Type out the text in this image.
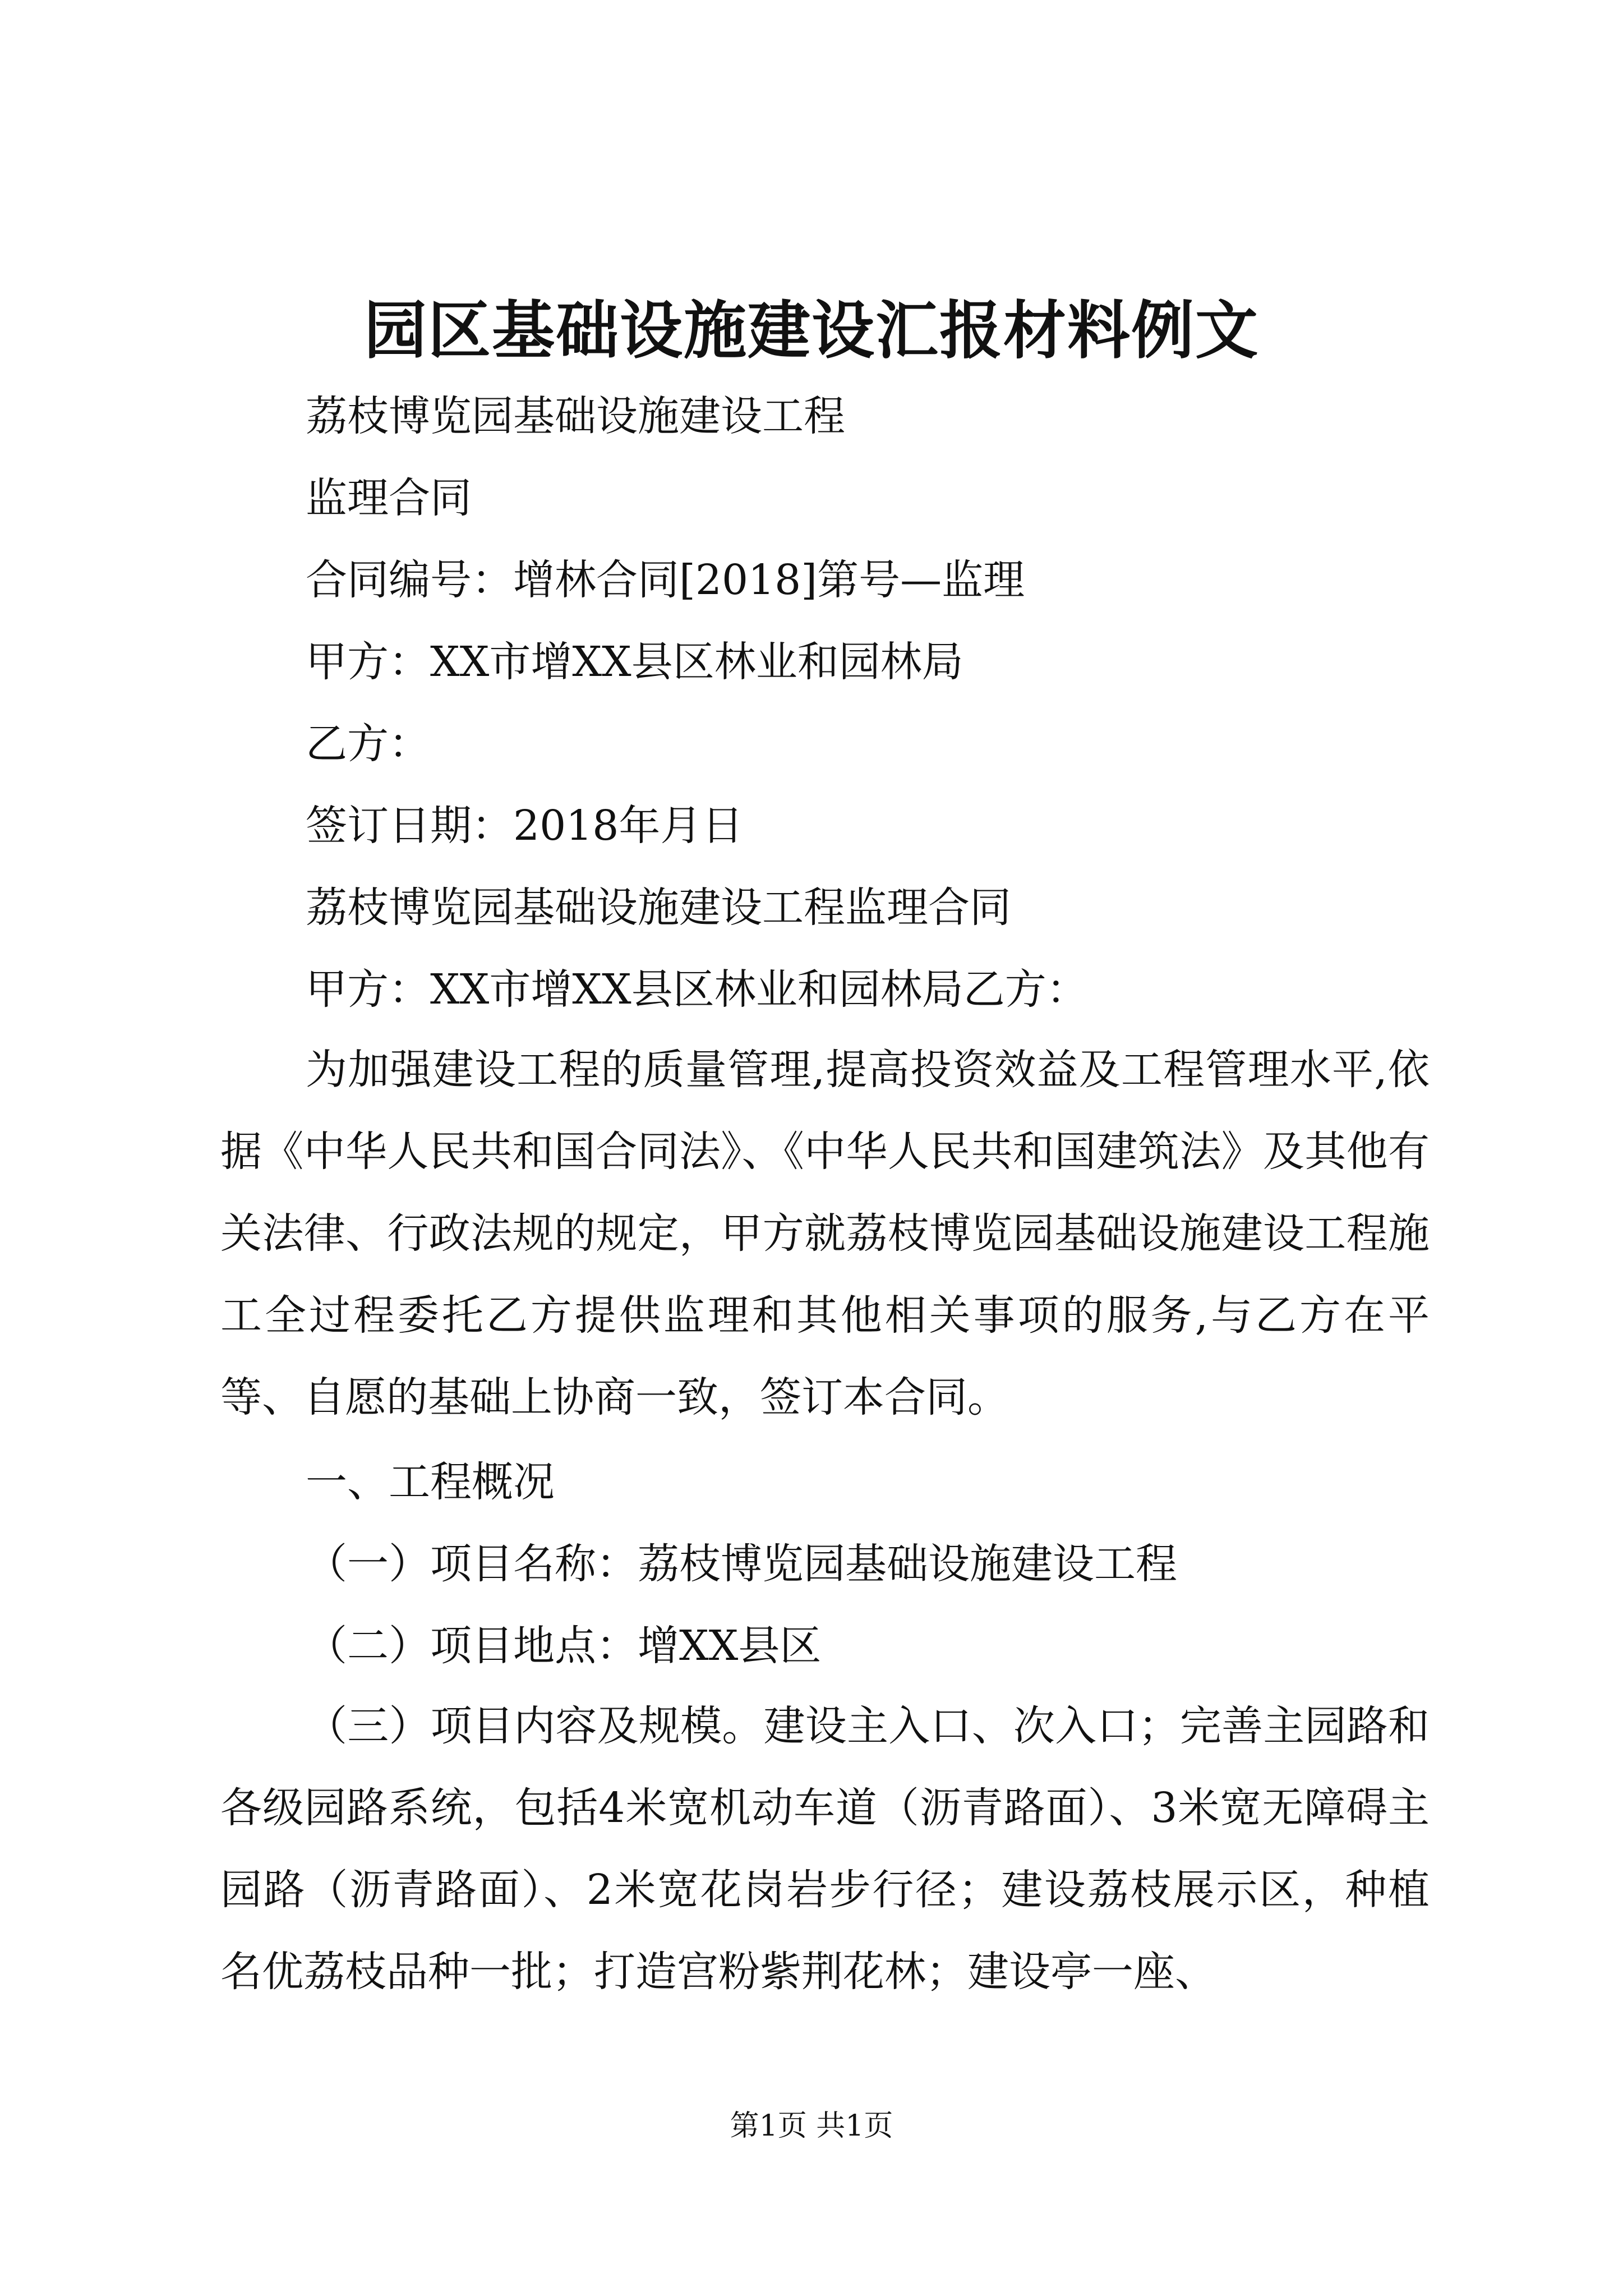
园区基础设施建设汇报材料例文
荔枝博览园基础设施建设工程
监理合同
合同编号：增林合同[2018]第号—监理
甲方：XX市增XX县区林业和园林局
乙方：
签订日期：2018年月日
荔枝博览园基础设施建设工程监理合同
甲方：XX市增XX县区林业和园林局乙方：
为加强建设工程的质量管理,提高投资效益及工程管理水平,依据《中华人民共和国合同法》、《中华人民共和国建筑法》及其他有关法律、行政法规的规定，甲方就荔枝博览园基础设施建设工程施工全过程委托乙方提供监理和其他相关事项的服务,与乙方在平等、自愿的基础上协商一致，签订本合同。
一、工程概况
（一）项目名称：荔枝博览园基础设施建设工程
（二）项目地点：增XX县区
（三）项目内容及规模。建设主入口、次入口；完善主园路和各级园路系统，包括4米宽机动车道（沥青路面）、3米宽无障碍主园路（沥青路面）、2米宽花岗岩步行径；建设荔枝展示区，种植名优荔枝品种一批；打造宫粉紫荆花林；建设亭一座、
第1页 共1页
